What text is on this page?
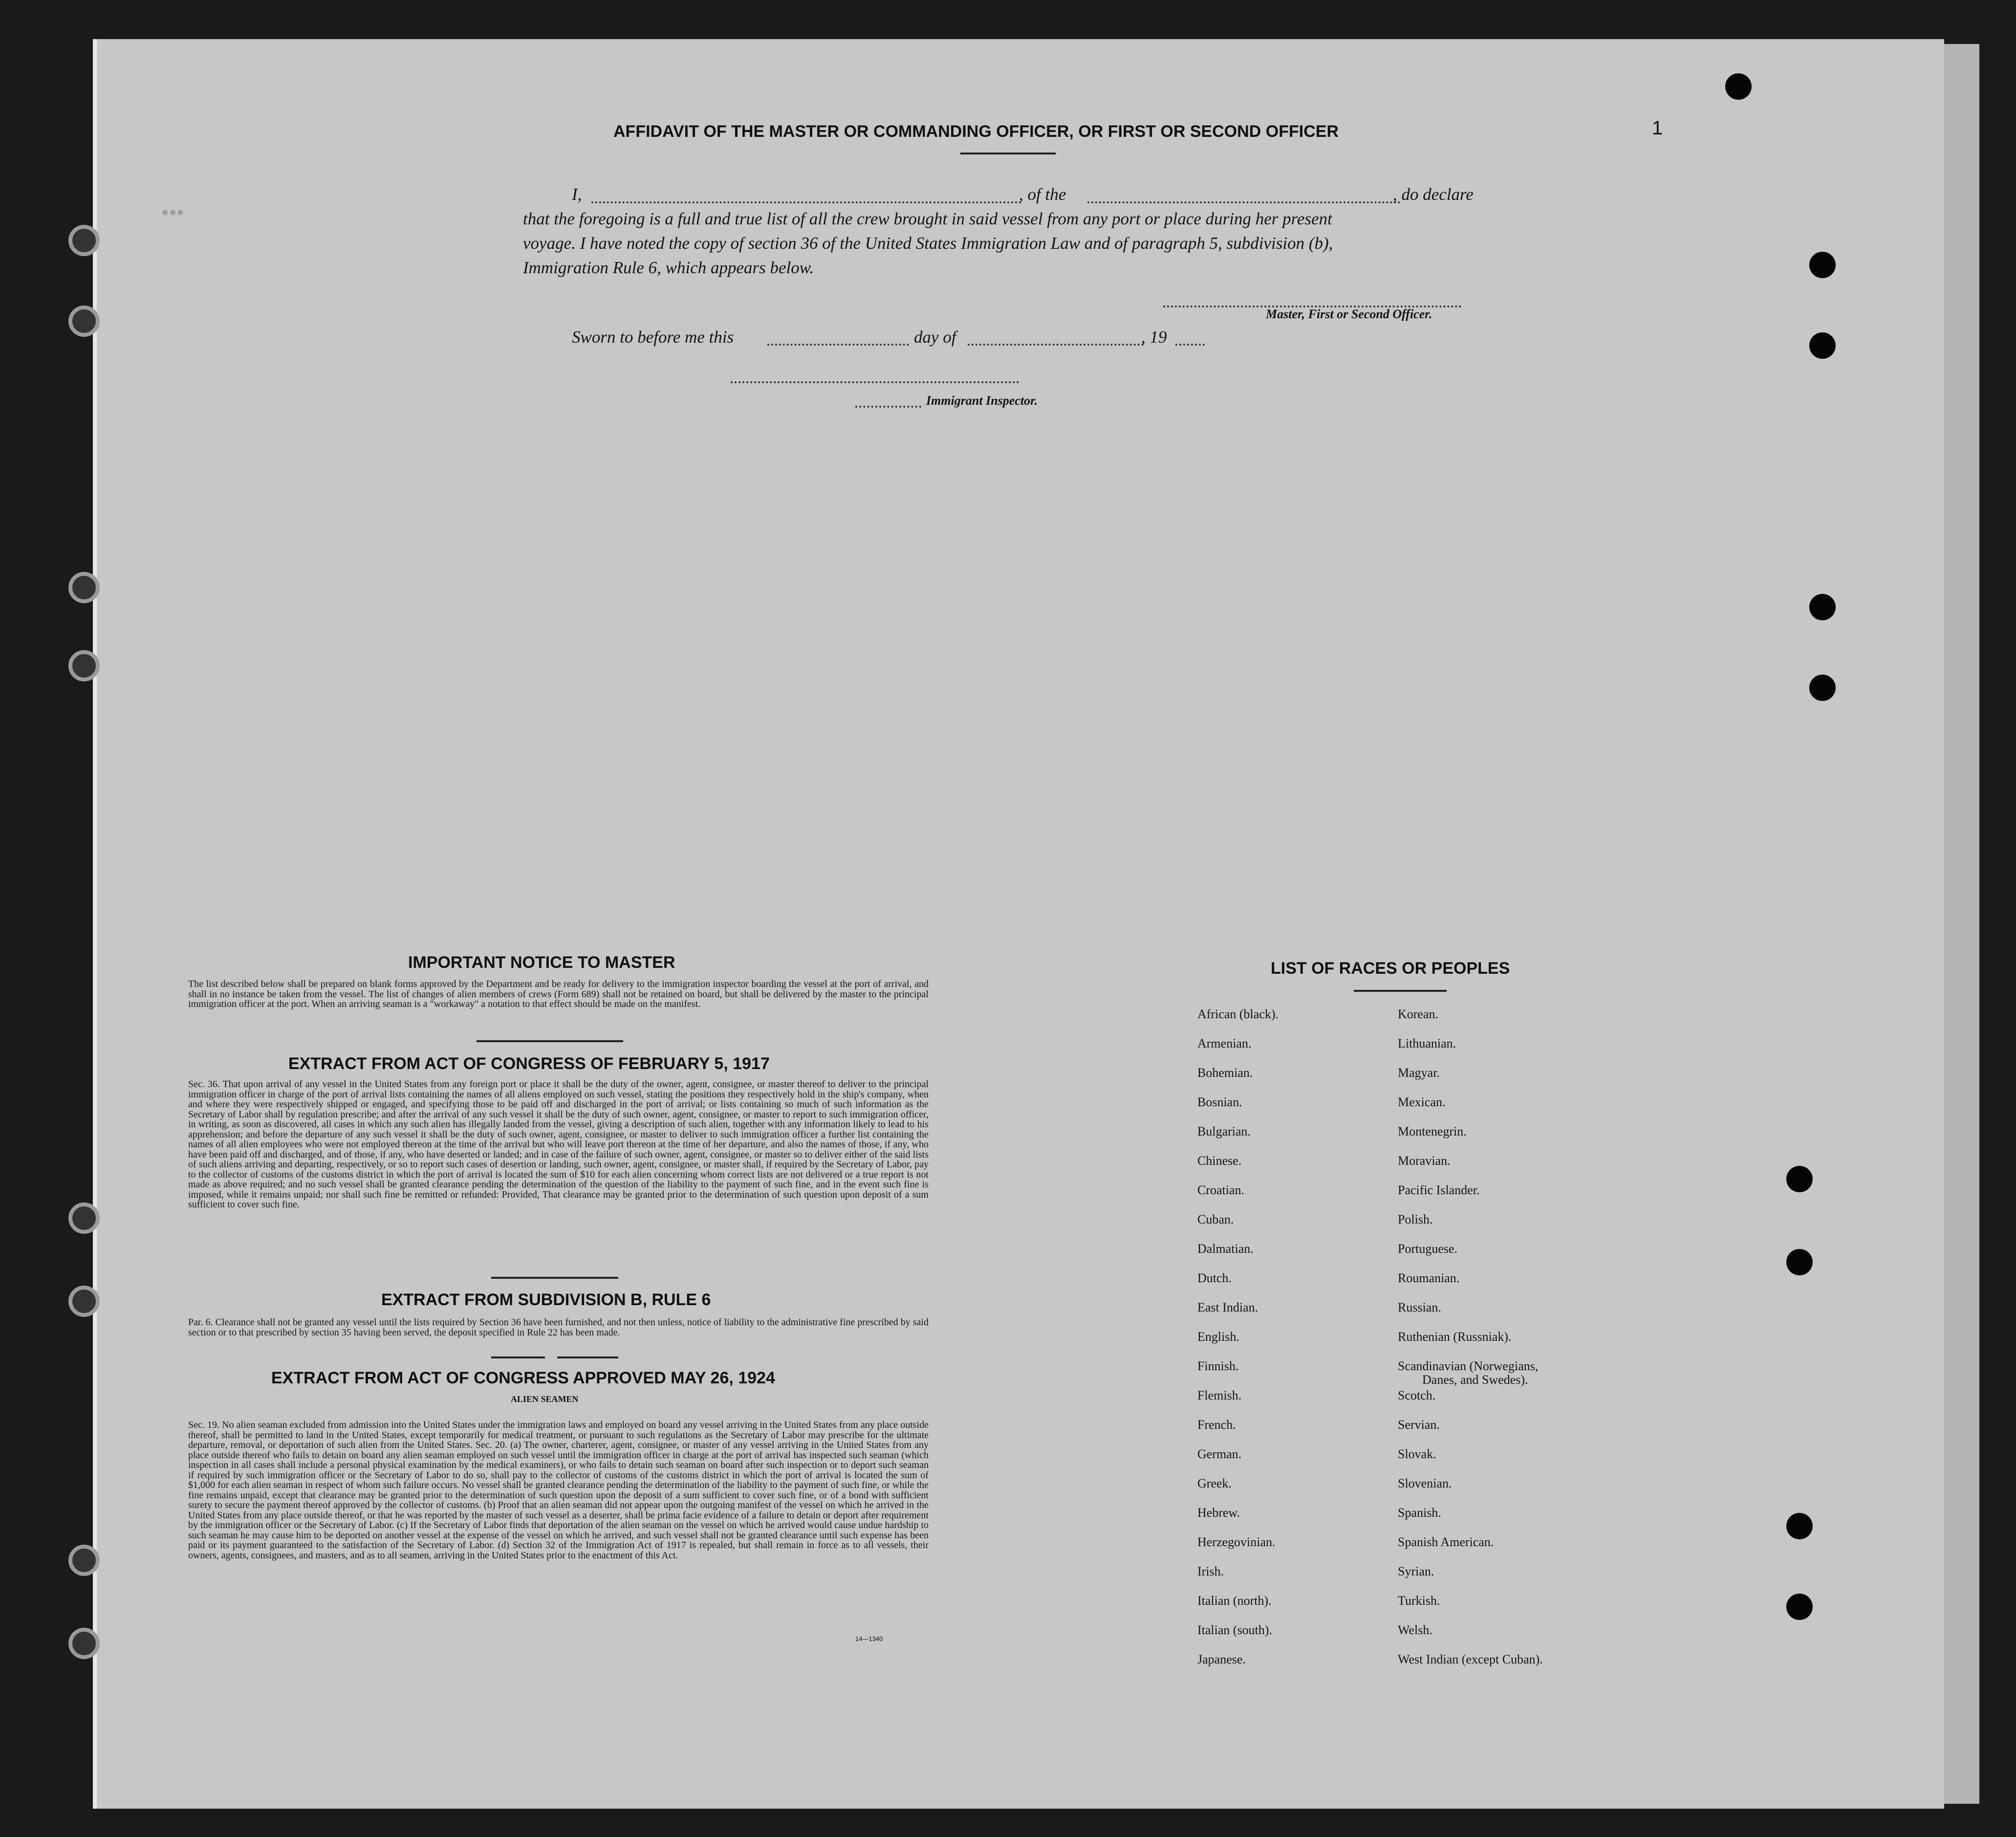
1
●●●
AFFIDAVIT OF THE MASTER OR COMMANDING OFFICER, OR FIRST OR SECOND OFFICER
I,	, of the	, do declare
that the foregoing is a full and true list of all the crew brought in said vessel from any port or place during her present
voyage. I have noted the copy of section 36 of the United States Immigration Law and of paragraph 5, subdivision (b),
Immigration Rule 6, which appears below.
Master, First or Second Officer.
Sworn to before me this	day of	, 19
Immigrant Inspector.
IMPORTANT NOTICE TO MASTER
The list described below shall be prepared on blank forms approved by the Department and be ready for delivery to the immigration inspector boarding the vessel at the port of arrival, and shall in no instance be taken from the vessel. The list of changes of alien members of crews (Form 689) shall not be retained on board, but shall be delivered by the master to the principal immigration officer at the port. When an arriving seaman is a "workaway" a notation to that effect should be made on the manifest.
EXTRACT FROM ACT OF CONGRESS OF FEBRUARY 5, 1917
Sec. 36. That upon arrival of any vessel in the United States from any foreign port or place it shall be the duty of the owner, agent, consignee, or master thereof to deliver to the principal immigration officer in charge of the port of arrival lists containing the names of all aliens employed on such vessel, stating the positions they respectively hold in the ship's company, when and where they were respectively shipped or engaged, and specifying those to be paid off and discharged in the port of arrival; or lists containing so much of such information as the Secretary of Labor shall by regulation prescribe; and after the arrival of any such vessel it shall be the duty of such owner, agent, consignee, or master to report to such immigration officer, in writing, as soon as discovered, all cases in which any such alien has illegally landed from the vessel, giving a description of such alien, together with any information likely to lead to his apprehension; and before the departure of any such vessel it shall be the duty of such owner, agent, consignee, or master to deliver to such immigration officer a further list containing the names of all alien employees who were not employed thereon at the time of the arrival but who will leave port thereon at the time of her departure, and also the names of those, if any, who have been paid off and discharged, and of those, if any, who have deserted or landed; and in case of the failure of such owner, agent, consignee, or master so to deliver either of the said lists of such aliens arriving and departing, respectively, or so to report such cases of desertion or landing, such owner, agent, consignee, or master shall, if required by the Secretary of Labor, pay to the collector of customs of the customs district in which the port of arrival is located the sum of $10 for each alien concerning whom correct lists are not delivered or a true report is not made as above required; and no such vessel shall be granted clearance pending the determination of the question of the liability to the payment of such fine, and in the event such fine is imposed, while it remains unpaid; nor shall such fine be remitted or refunded: Provided, That clearance may be granted prior to the determination of such question upon deposit of a sum sufficient to cover such fine.
EXTRACT FROM SUBDIVISION B, RULE 6
Par. 6. Clearance shall not be granted any vessel until the lists required by Section 36 have been furnished, and not then unless, notice of liability to the administrative fine prescribed by said section or to that prescribed by section 35 having been served, the deposit specified in Rule 22 has been made.
EXTRACT FROM ACT OF CONGRESS APPROVED MAY 26, 1924
ALIEN SEAMEN
Sec. 19. No alien seaman excluded from admission into the United States under the immigration laws and employed on board any vessel arriving in the United States from any place outside thereof, shall be permitted to land in the United States, except temporarily for medical treatment, or pursuant to such regulations as the Secretary of Labor may prescribe for the ultimate departure, removal, or deportation of such alien from the United States. Sec. 20. (a) The owner, charterer, agent, consignee, or master of any vessel arriving in the United States from any place outside thereof who fails to detain on board any alien seaman employed on such vessel until the immigration officer in charge at the port of arrival has inspected such seaman (which inspection in all cases shall include a personal physical examination by the medical examiners), or who fails to detain such seaman on board after such inspection or to deport such seaman if required by such immigration officer or the Secretary of Labor to do so, shall pay to the collector of customs of the customs district in which the port of arrival is located the sum of $1,000 for each alien seaman in respect of whom such failure occurs. No vessel shall be granted clearance pending the determination of the liability to the payment of such fine, or while the fine remains unpaid, except that clearance may be granted prior to the determination of such question upon the deposit of a sum sufficient to cover such fine, or of a bond with sufficient surety to secure the payment thereof approved by the collector of customs. (b) Proof that an alien seaman did not appear upon the outgoing manifest of the vessel on which he arrived in the United States from any place outside thereof, or that he was reported by the master of such vessel as a deserter, shall be prima facie evidence of a failure to detain or deport after requirement by the immigration officer or the Secretary of Labor. (c) If the Secretary of Labor finds that deportation of the alien seaman on the vessel on which he arrived would cause undue hardship to such seaman he may cause him to be deported on another vessel at the expense of the vessel on which he arrived, and such vessel shall not be granted clearance until such expense has been paid or its payment guaranteed to the satisfaction of the Secretary of Labor. (d) Section 32 of the Immigration Act of 1917 is repealed, but shall remain in force as to all vessels, their owners, agents, consignees, and masters, and as to all seamen, arriving in the United States prior to the enactment of this Act.
14—1340
LIST OF RACES OR PEOPLES
African (black).
Armenian.
Bohemian.
Bosnian.
Bulgarian.
Chinese.
Croatian.
Cuban.
Dalmatian.
Dutch.
East Indian.
English.
Finnish.
Flemish.
French.
German.
Greek.
Hebrew.
Herzegovinian.
Irish.
Italian (north).
Italian (south).
Japanese.
Korean.
Lithuanian.
Magyar.
Mexican.
Montenegrin.
Moravian.
Pacific Islander.
Polish.
Portuguese.
Roumanian.
Russian.
Ruthenian (Russniak).
Scandinavian (Norwegians,
Danes, and Swedes).
Scotch.
Servian.
Slovak.
Slovenian.
Spanish.
Spanish American.
Syrian.
Turkish.
Welsh.
West Indian (except Cuban).
